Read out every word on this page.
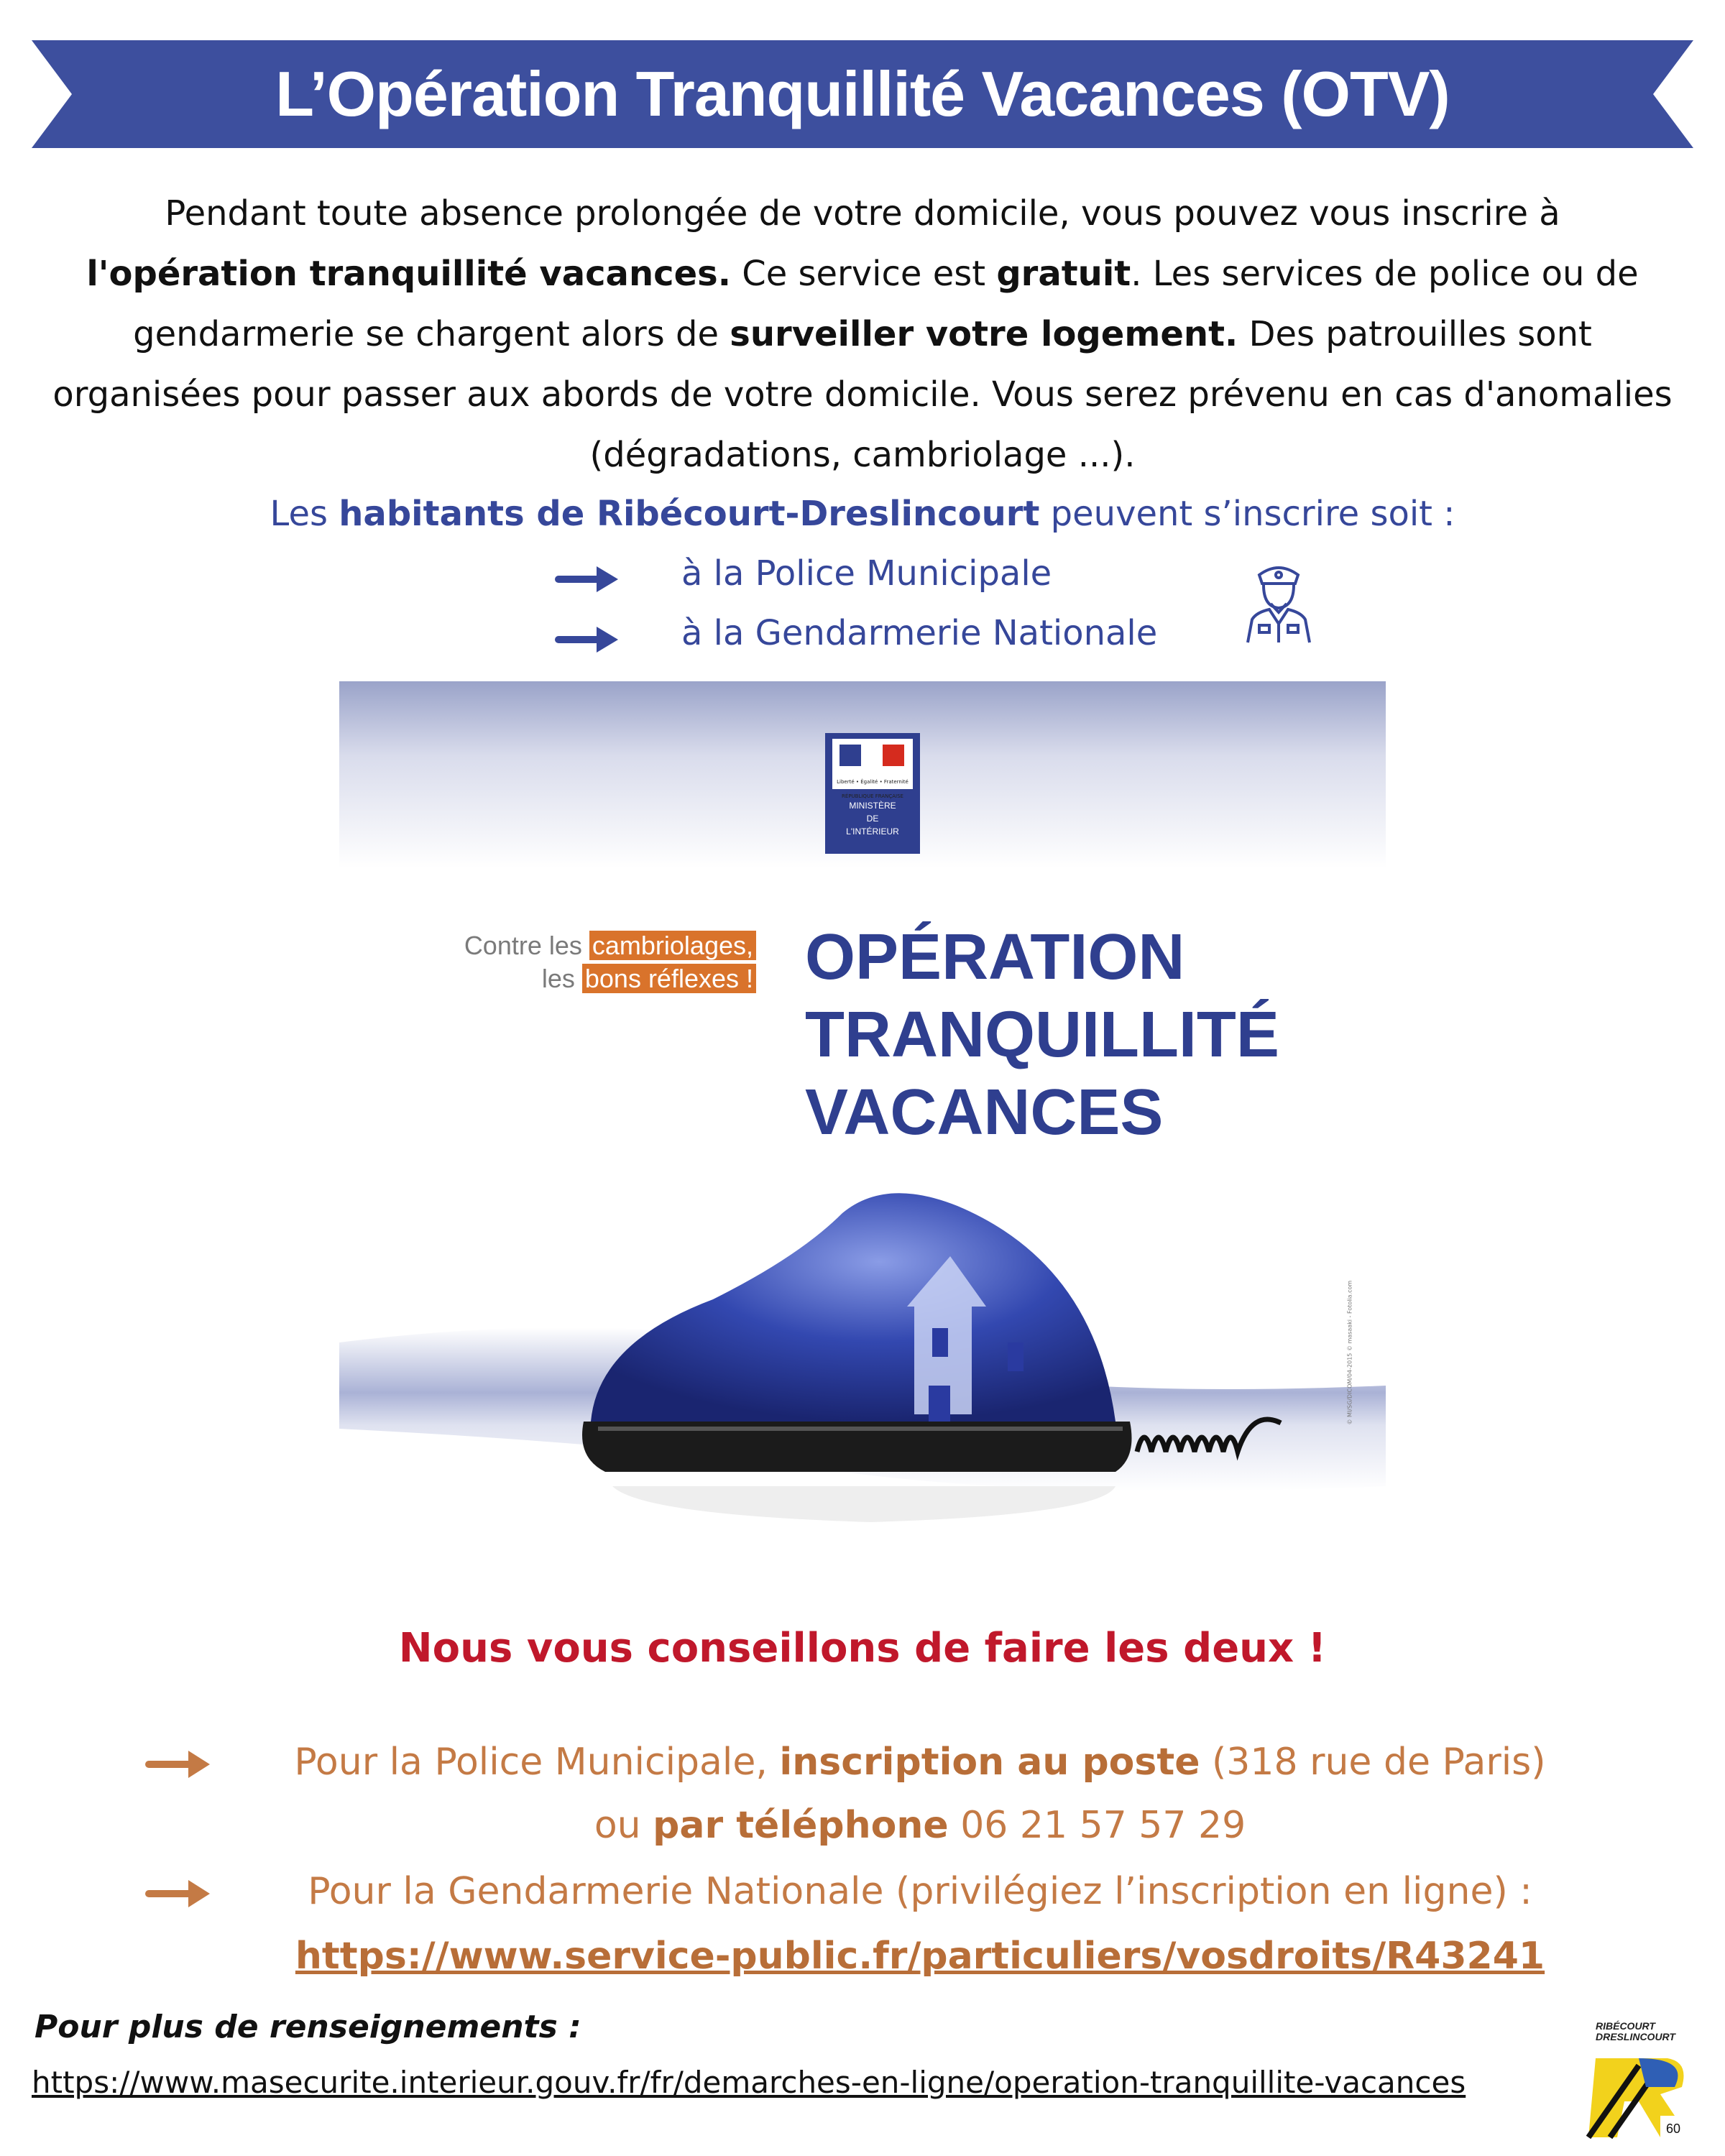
L’Opération Tranquillité Vacances (OTV)
Pendant toute absence prolongée de votre domicile, vous pouvez vous inscrire à
l'opération tranquillité vacances. Ce service est gratuit. Les services de police ou de gendarmerie se chargent alors de surveiller votre logement. Des patrouilles sont organisées pour passer aux abords de votre domicile. Vous serez prévenu en cas d'anomalies (dégradations, cambriolage ...).
Les habitants de Ribécourt-Dreslincourt peuvent s’inscrire soit :
à la Police Municipale
à la Gendarmerie Nationale
Liberté • Égalité • Fraternité RÉPUBLIQUE FRANÇAISE
MINISTÈRE
DE
L'INTÉRIEUR
Contre les cambriolages,
les bons réflexes ! OPÉRATION
TRANQUILLITÉ
VACANCES
© MI/SG/DICOM/04-2015 © masaaki - Fotolia.com
Nous vous conseillons de faire les deux !
Pour la Police Municipale, inscription au poste (318 rue de Paris)
ou par téléphone 06 21 57 57 29
Pour la Gendarmerie Nationale (privilégiez l’inscription en ligne) :
https://www.service-public.fr/particuliers/vosdroits/R43241
Pour plus de renseignements :
https://www.masecurite.interieur.gouv.fr/fr/demarches-en-ligne/operation-tranquillite-vacances
RIBÉCOURT
DRESLINCOURT
60
